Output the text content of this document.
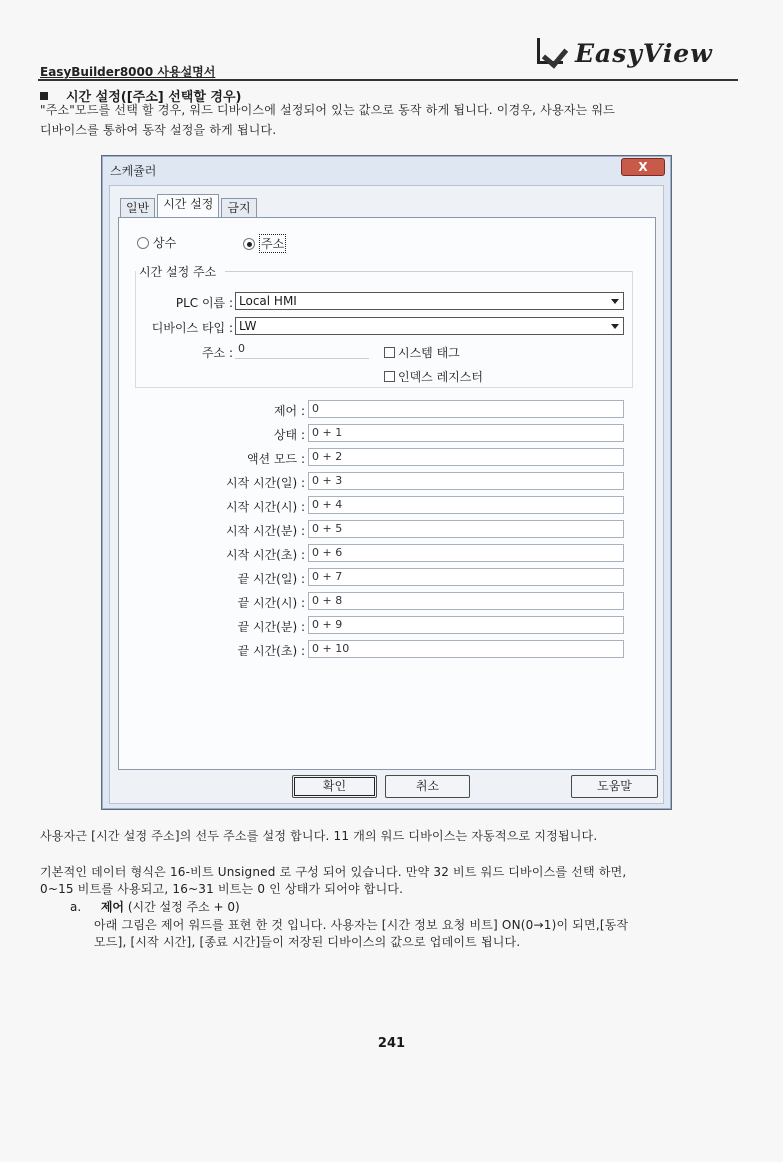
EasyBuilder8000 사용설명서
EasyView
시간 설정([주소] 선택할 경우)
"주소"모드를 선택 할 경우, 워드 디바이스에 설정되어 있는 값으로 동작 하게 됩니다. 이경우, 사용자는 워드
디바이스를 통하여 동작 설정을 하게 됩니다.
스케쥴러	X
일반	시간 설정	금지
상수	주소
시간 설정 주소
PLC 이름 : Local HMI
디바이스 타입 : LW
주소 : 0	시스템 태그
인덱스 레지스터
제어 : 0
상태 : 0 + 1
액션 모드 : 0 + 2
시작 시간(일) : 0 + 3
시작 시간(시) : 0 + 4
시작 시간(분) : 0 + 5
시작 시간(초) : 0 + 6
끝 시간(일) : 0 + 7
끝 시간(시) : 0 + 8
끝 시간(분) : 0 + 9
끝 시간(초) : 0 + 10
확인	취소	도움말
사용자근 [시간 설정 주소]의 선두 주소를 설정 합니다. 11 개의 워드 디바이스는 자동적으로 지정됩니다.
기본적인 데이터 형식은 16-비트 Unsigned 로 구성 되어 있습니다. 만약 32 비트 워드 디바이스를 선택 하면,
0~15 비트를 사용되고, 16~31 비트는 0 인 상태가 되어야 합니다.
a. 제어 (시간 설정 주소 + 0)
아래 그림은 제어 워드를 표현 한 것 입니다. 사용자는 [시간 정보 요청 비트] ON(0→1)이 되면,[동작
모드], [시작 시간], [종료 시간]들이 저장된 디바이스의 값으로 업데이트 됩니다.
241
